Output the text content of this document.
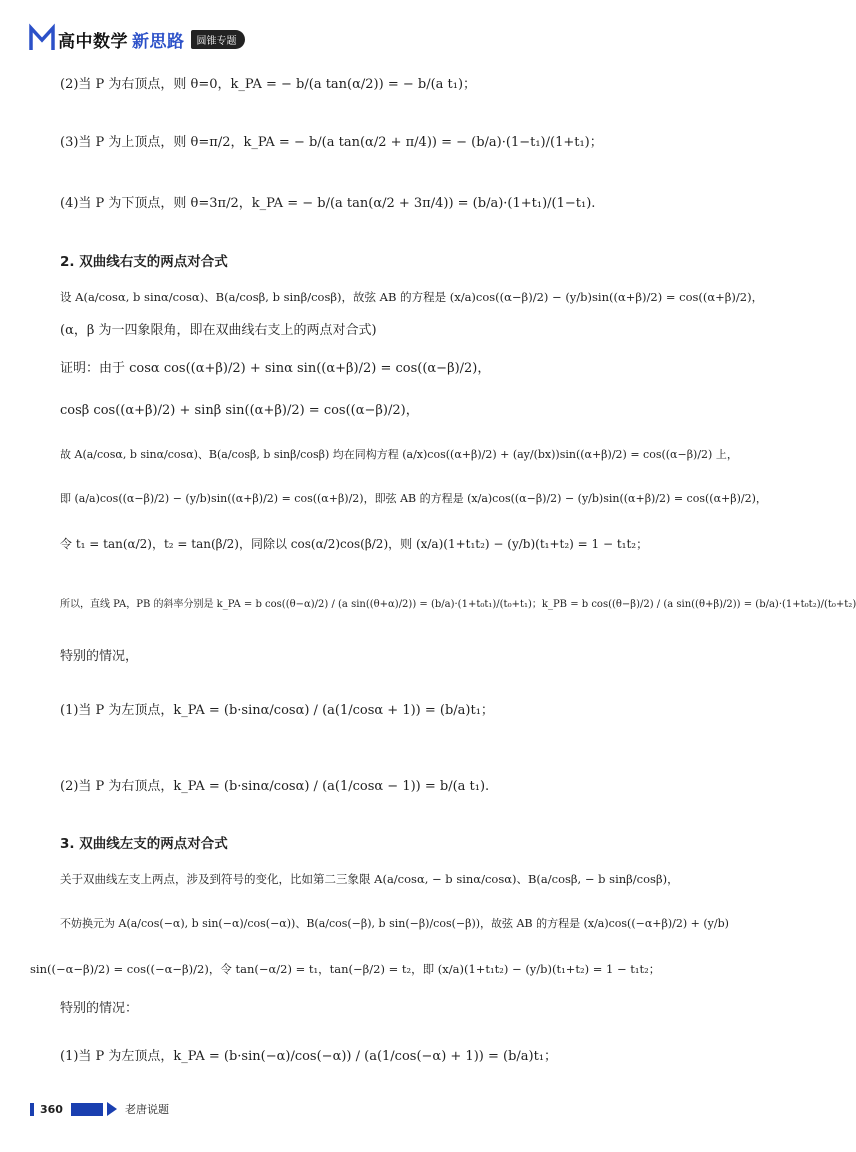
高中数学 新思路	圆锥专题
(2)当 P 为右顶点，则 θ=0，k_PA = − b/(a tan(α/2)) = − b/(a t₁)；
(3)当 P 为上顶点，则 θ=π/2，k_PA = − b/(a tan(α/2 + π/4)) = − (b/a)·(1−t₁)/(1+t₁)；
(4)当 P 为下顶点，则 θ=3π/2，k_PA = − b/(a tan(α/2 + 3π/4)) = (b/a)·(1+t₁)/(1−t₁).
2. 双曲线右支的两点对合式
设 A(a/cosα, b sinα/cosα)、B(a/cosβ, b sinβ/cosβ)，故弦 AB 的方程是 (x/a)cos((α−β)/2) − (y/b)sin((α+β)/2) = cos((α+β)/2)，
(α，β 为一四象限角，即在双曲线右支上的两点对合式)
证明：由于 cosα cos((α+β)/2) + sinα sin((α+β)/2) = cos((α−β)/2)，
cosβ cos((α+β)/2) + sinβ sin((α+β)/2) = cos((α−β)/2)，
故 A(a/cosα, b sinα/cosα)、B(a/cosβ, b sinβ/cosβ) 均在同构方程 (a/x)cos((α+β)/2) + (ay/(bx))sin((α+β)/2) = cos((α−β)/2) 上，
即 (a/a)cos((α−β)/2) − (y/b)sin((α+β)/2) = cos((α+β)/2)，即弦 AB 的方程是 (x/a)cos((α−β)/2) − (y/b)sin((α+β)/2) = cos((α+β)/2)，
令 t₁ = tan(α/2)，t₂ = tan(β/2)，同除以 cos(α/2)cos(β/2)，则 (x/a)(1+t₁t₂) − (y/b)(t₁+t₂) = 1 − t₁t₂；
所以，直线 PA，PB 的斜率分别是 k_PA = b cos((θ−α)/2) / (a sin((θ+α)/2)) = (b/a)·(1+t₀t₁)/(t₀+t₁)；k_PB = b cos((θ−β)/2) / (a sin((θ+β)/2)) = (b/a)·(1+t₀t₂)/(t₀+t₂)
特别的情况，
(1)当 P 为左顶点，k_PA = (b·sinα/cosα) / (a(1/cosα + 1)) = (b/a)t₁；
(2)当 P 为右顶点，k_PA = (b·sinα/cosα) / (a(1/cosα − 1)) = b/(a t₁).
3. 双曲线左支的两点对合式
关于双曲线左支上两点，涉及到符号的变化，比如第二三象限 A(a/cosα, − b sinα/cosα)、B(a/cosβ, − b sinβ/cosβ)，
不妨换元为 A(a/cos(−α), b sin(−α)/cos(−α))、B(a/cos(−β), b sin(−β)/cos(−β))，故弦 AB 的方程是 (x/a)cos((−α+β)/2) + (y/b)
sin((−α−β)/2) = cos((−α−β)/2)，令 tan(−α/2) = t₁，tan(−β/2) = t₂，即 (x/a)(1+t₁t₂) − (y/b)(t₁+t₂) = 1 − t₁t₂；
特别的情况：
(1)当 P 为左顶点，k_PA = (b·sin(−α)/cos(−α)) / (a(1/cos(−α) + 1)) = (b/a)t₁；
360	老唐说题
